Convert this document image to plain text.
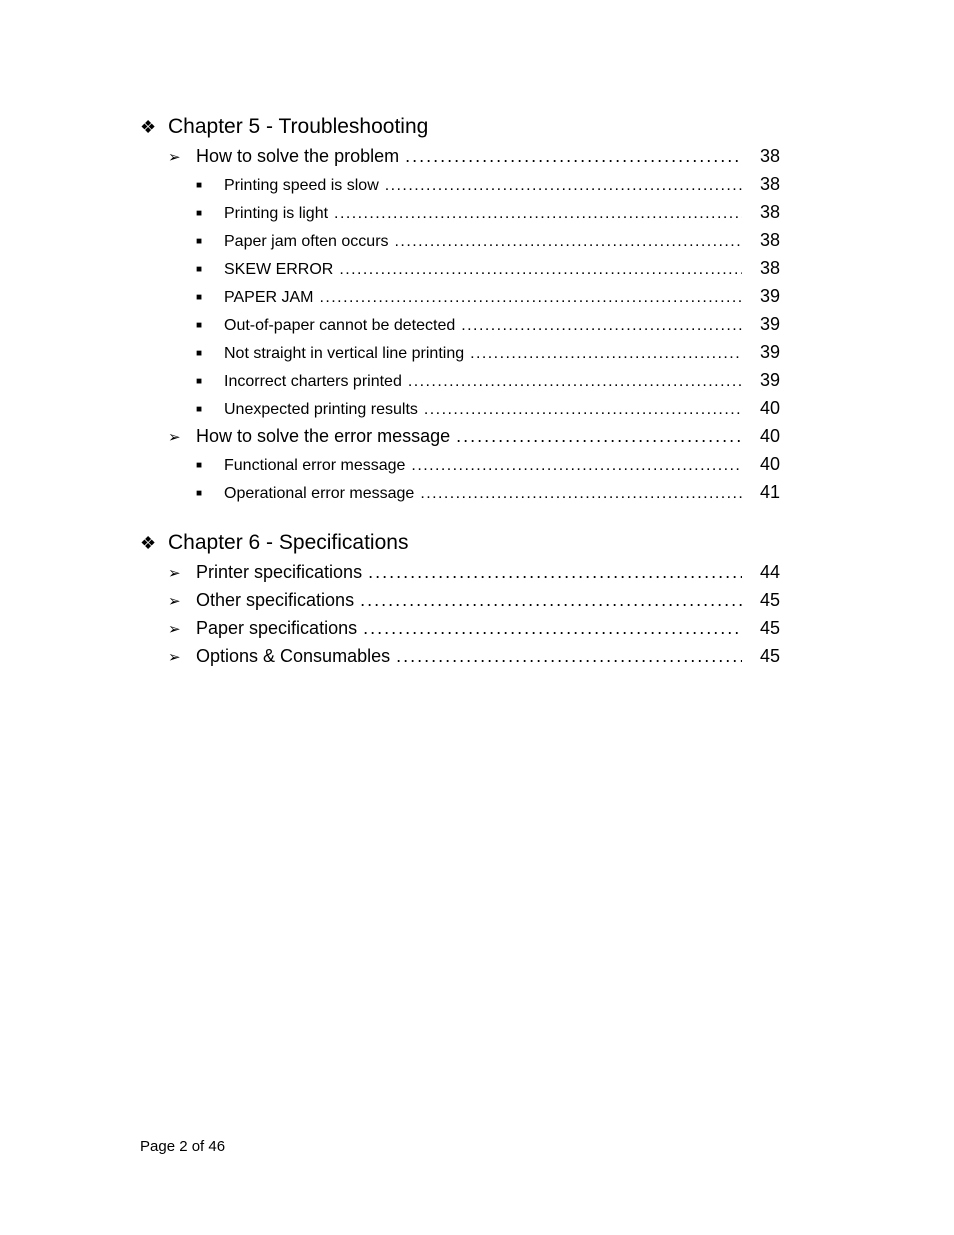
❖ Chapter 5 - Troubleshooting
➢ How to solve the problem . . .	38
■	Printing speed is slow . . .	38
■	Printing is light . . .	38
■	Paper jam often occurs . . .	38
■	SKEW ERROR . . .	38
■	PAPER JAM . . .	39
■	Out-of-paper cannot be detected . . .	39
■	Not straight in vertical line printing . . .	39
■	Incorrect charters printed . . .	39
■	Unexpected printing results . . .	40
➢ How to solve the error message . . .	40
■	Functional error message . . .	40
■	Operational error message . . .	41
❖ Chapter 6 - Specifications
➢ Printer specifications . . .	44
➢ Other specifications . . .	45
➢ Paper specifications . . .	45
➢ Options & Consumables . . .	45
Page 2 of 46
